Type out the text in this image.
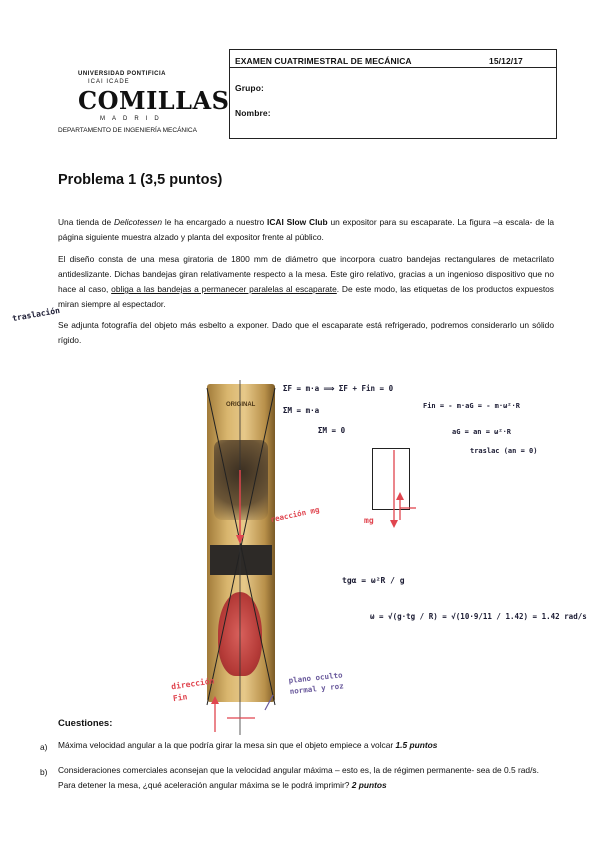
EXAMEN CUATRIMESTRAL DE MECÁNICA	15/12/17
Grupo:
Nombre:
UNIVERSIDAD PONTIFICIA
ICAI ICADE
COMILLAS
MADRID
DEPARTAMENTO DE INGENIERÍA MECÁNICA
Problema 1 (3,5 puntos)
Una tienda de Delicotessen le ha encargado a nuestro ICAI Slow Club un expositor para su escaparate. La figura –a escala- de la página siguiente muestra alzado y planta del expositor frente al público.
El diseño consta de una mesa giratoria de 1800 mm de diámetro que incorpora cuatro bandejas rectangulares de metacrilato antideslizante. Dichas bandejas giran relativamente respecto a la mesa. Este giro relativo, gracias a un ingenioso dispositivo que no hace al caso, obliga a las bandejas a permanecer paralelas al escaparate. De este modo, las etiquetas de los productos expuestos miran siempre al espectador.
traslación
Se adjunta fotografía del objeto más esbelto a exponer. Dado que el escaparate está refrigerado, podremos considerarlo un sólido rígido.
ORIGINAL
ΣF = m·a ⟹ ΣF + Fin = 0
ΣM = m·a
ΣM = 0
Fin = - m·aG = - m·ω²·R
aG = an = ω²·R
traslac (an = 0)
mg
reacción mg
dirección Fin
plano oculto normal y roz
tgα = ω²R / g
ω = √(g·tg / R) = √(10·9/11 / 1.42) = 1.42 rad/s
Cuestiones:
a) Máxima velocidad angular a la que podría girar la mesa sin que el objeto empiece a volcar 1.5 puntos
b) Consideraciones comerciales aconsejan que la velocidad angular máxima – esto es, la de régimen permanente- sea de 0.5 rad/s. Para detener la mesa, ¿qué aceleración angular máxima se le podrá imprimir? 2 puntos
